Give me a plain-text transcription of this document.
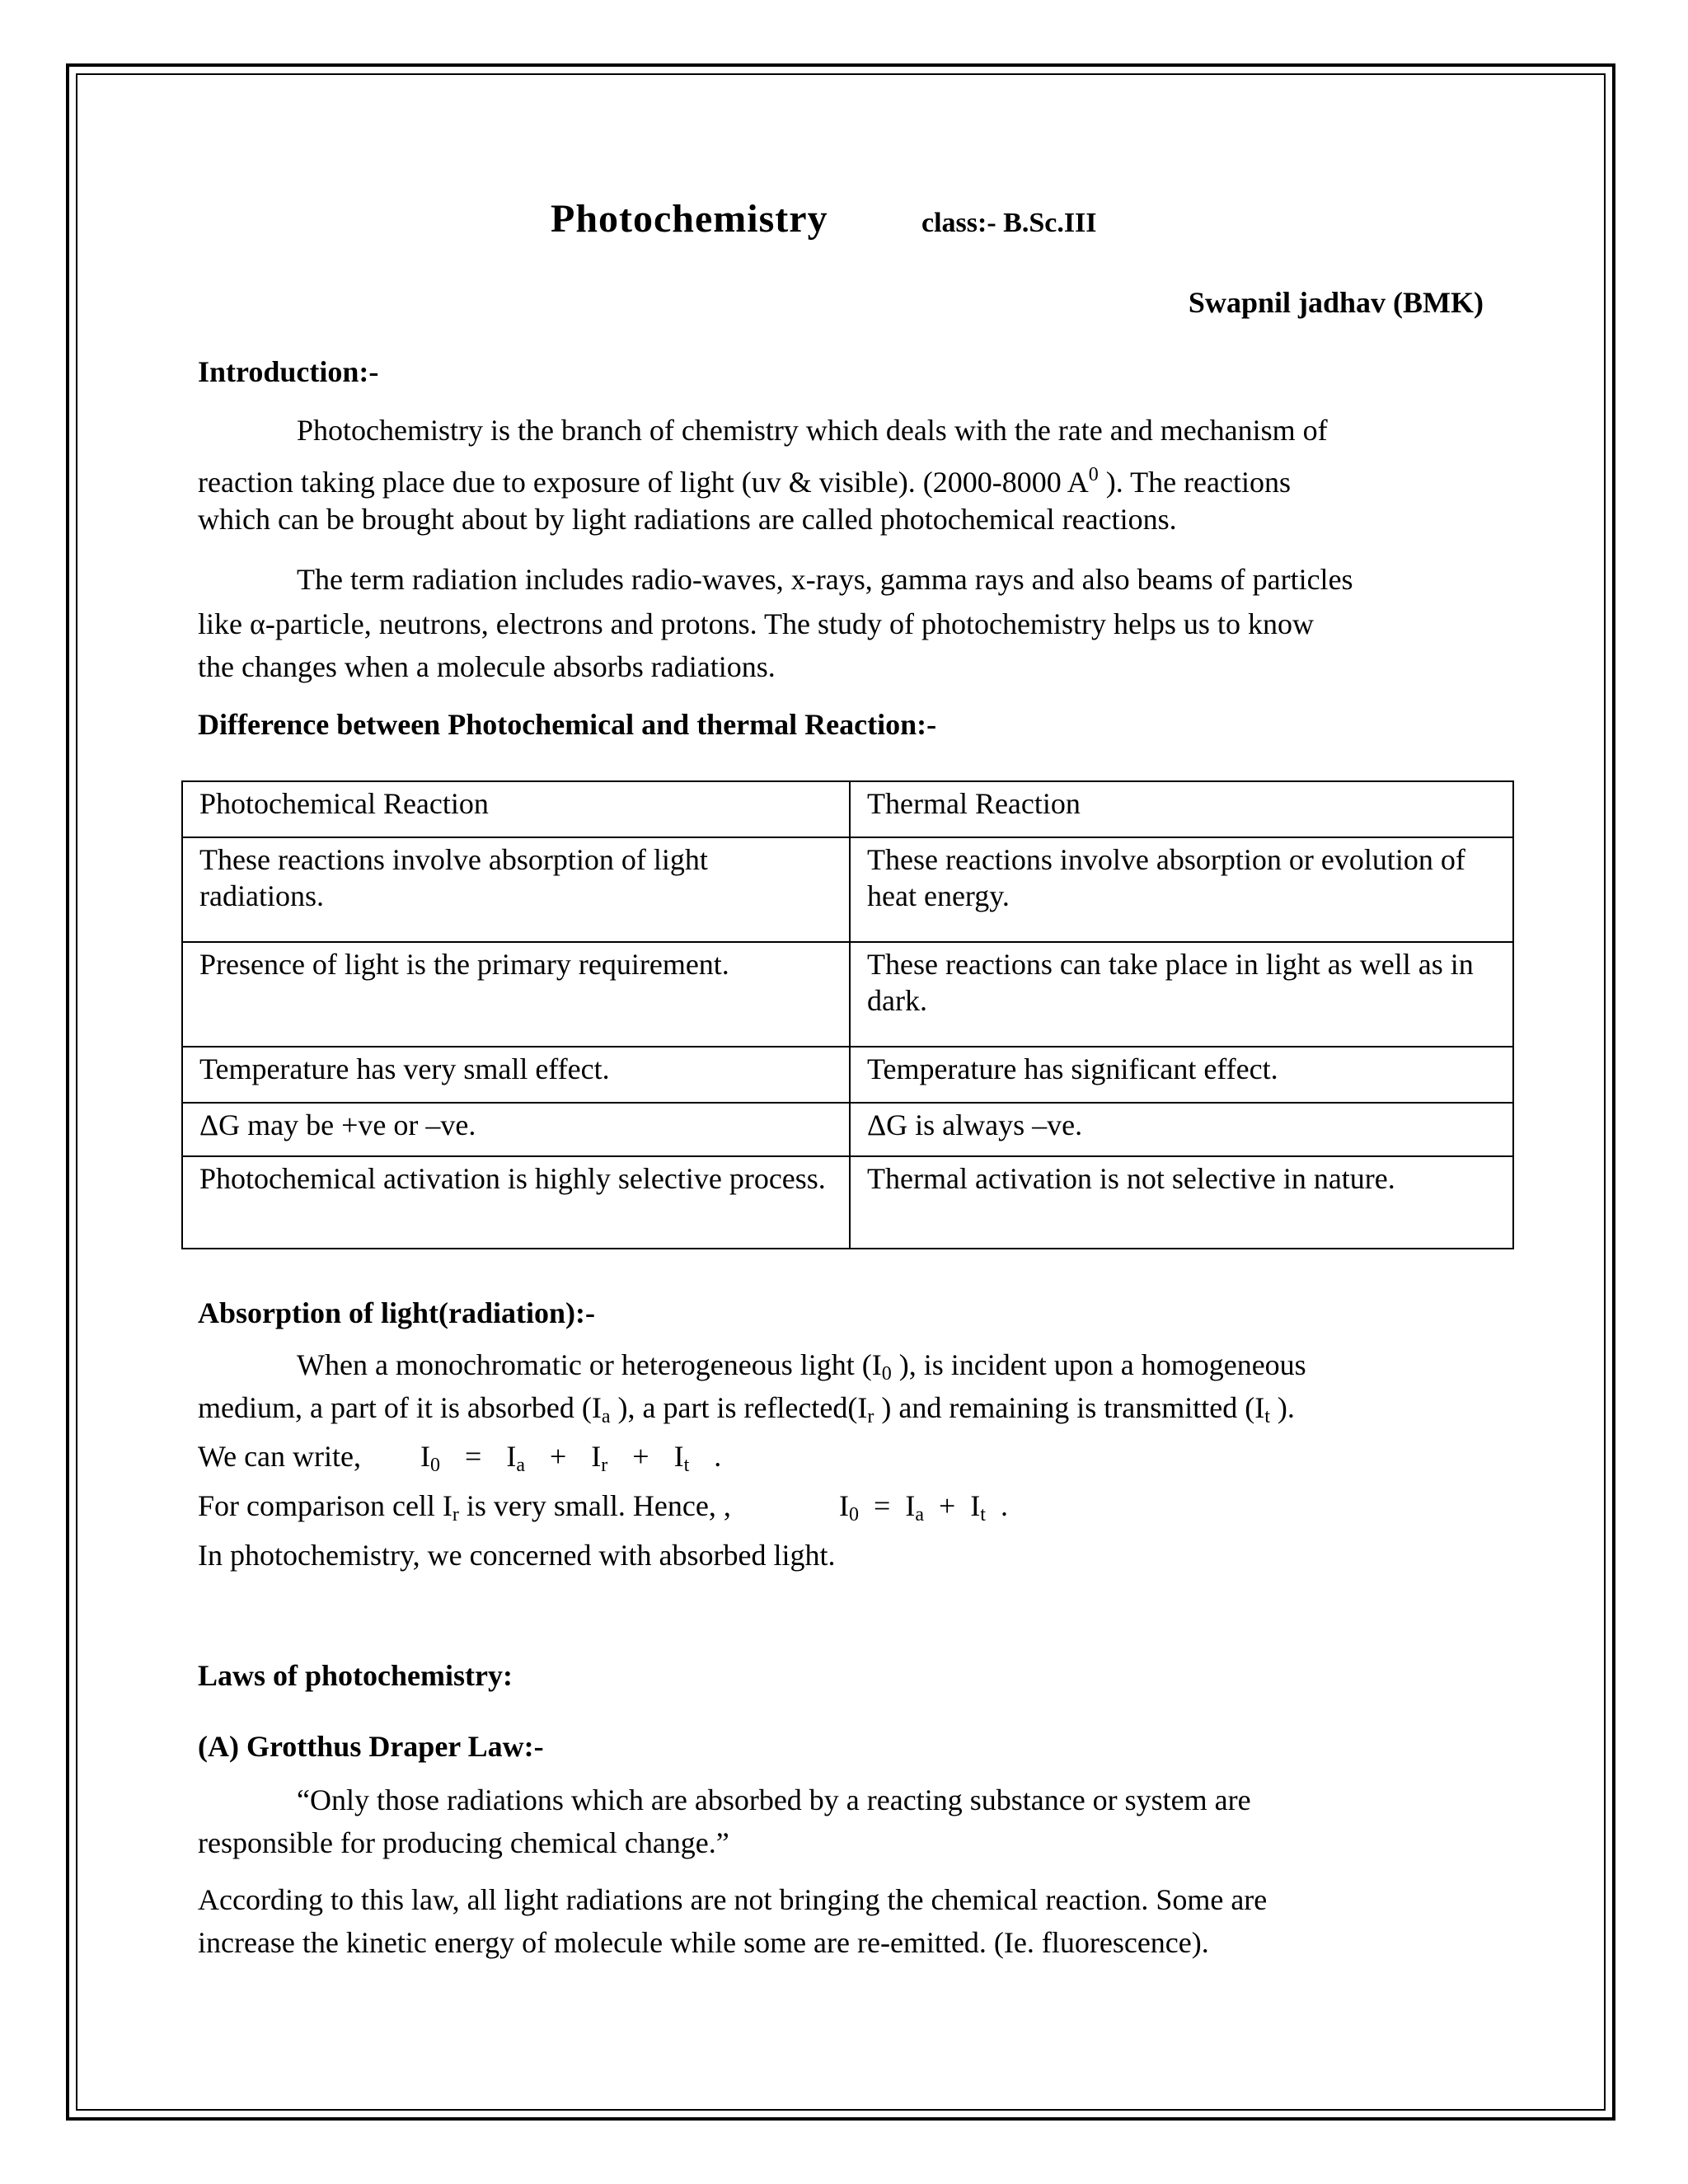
Photochemistry	class:- B.Sc.III
Swapnil jadhav (BMK)
Introduction:-
Photochemistry is the branch of chemistry which deals with the rate and mechanism of
reaction taking place due to exposure of light (uv & visible). (2000-8000 $A^0$ ). The reactions
which can be brought about by light radiations are called photochemical reactions.
The term radiation includes radio-waves, x-rays, gamma rays and also beams of particles
like α-particle, neutrons, electrons and protons. The study of photochemistry helps us to know
the changes when a molecule absorbs radiations.
Difference between Photochemical and thermal Reaction:-
Photochemical Reaction	Thermal Reaction
These reactions involve absorption of light radiations.	These reactions involve absorption or evolution of heat energy.
Presence of light is the primary requirement.	These reactions can take place in light as well as in dark.
Temperature has very small effect.	Temperature has significant effect.
ΔG may be +ve or –ve.	ΔG is always –ve.
Photochemical activation is highly selective process.	Thermal activation is not selective in nature.
Absorption of light(radiation):-
When a monochromatic or heterogeneous light ($I_0$ ), is incident upon a homogeneous
medium, a part of it is absorbed ($I_a$ ), a part is $reflected(I_r$ ) and remaining is transmitted ($I_t$ ).
We can write, $I_0 = I_a + I_r + I_t$ .
For comparison cell $I_r$ is very small. Hence, ,	$I_0 = I_a + I_t$ .
In photochemistry, we concerned with absorbed light.
Laws of photochemistry:
(A) Grotthus Draper Law:-
“Only those radiations which are absorbed by a reacting substance or system are
responsible for producing chemical change.”
According to this law, all light radiations are not bringing the chemical reaction. Some are
increase the kinetic energy of molecule while some are re-emitted. (Ie. fluorescence).
